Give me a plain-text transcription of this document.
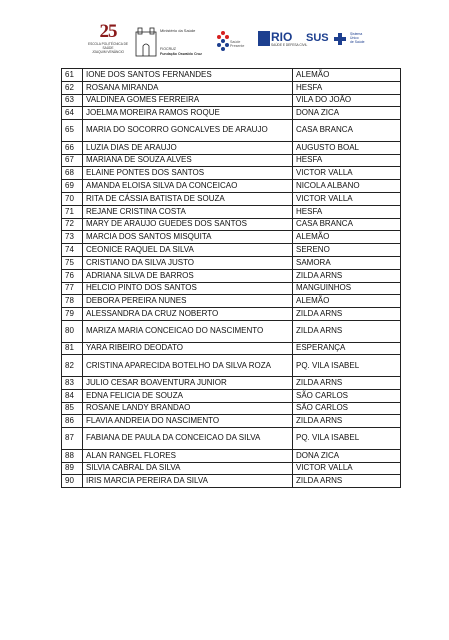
25
ESCOLA POLITÉCNICA DE SAÚDE
JOAQUIM VENÂNCIO
Ministério da Saúde
FIOCRUZ
Fundação Oswaldo Cruz
Saúde
Presente
RIO
SAÚDE E DEFESA CIVIL
SUS	Sistema
Único
de Saúde
61	IONE DOS SANTOS FERNANDES	ALEMÃO
62	ROSANA MIRANDA	HESFA
63	VALDINEA GOMES FERREIRA	VILA DO JOÃO
64	JOELMA MOREIRA RAMOS ROQUE	DONA ZICA
65	MARIA DO SOCORRO GONCALVES DE ARAUJO	CASA BRANCA
66	LUZIA DIAS DE ARAUJO	AUGUSTO BOAL
67	MARIANA DE SOUZA ALVES	HESFA
68	ELAINE PONTES DOS SANTOS	VICTOR VALLA
69	AMANDA ELOISA SILVA DA CONCEICAO	NICOLA ALBANO
70	RITA DE CÁSSIA BATISTA DE SOUZA	VICTOR VALLA
71	REJANE CRISTINA COSTA	HESFA
72	MARY DE ARAUJO GUEDES DOS SANTOS	CASA BRANCA
73	MARCIA DOS SANTOS MISQUITA	ALEMÃO
74	CEONICE RAQUEL DA SILVA	SERENO
75	CRISTIANO DA SILVA JUSTO	SAMORA
76	ADRIANA SILVA DE BARROS	ZILDA ARNS
77	HELCIO PINTO DOS SANTOS	MANGUINHOS
78	DEBORA PEREIRA NUNES	ALEMÃO
79	ALESSANDRA DA CRUZ NOBERTO	ZILDA ARNS
80	MARIZA MARIA CONCEICAO DO NASCIMENTO	ZILDA ARNS
81	YARA RIBEIRO DEODATO	ESPERANÇA
82	CRISTINA APARECIDA BOTELHO DA SILVA ROZA	PQ. VILA ISABEL
83	JULIO CESAR BOAVENTURA JUNIOR	ZILDA ARNS
84	EDNA FELICIA DE SOUZA	SÃO CARLOS
85	ROSANE LANDY BRANDAO	SÃO CARLOS
86	FLAVIA ANDREIA DO NASCIMENTO	ZILDA ARNS
87	FABIANA DE PAULA DA CONCEICAO DA SILVA	PQ. VILA ISABEL
88	ALAN RANGEL FLORES	DONA ZICA
89	SILVIA CABRAL DA SILVA	VICTOR VALLA
90	IRIS MARCIA PEREIRA DA SILVA	ZILDA ARNS
